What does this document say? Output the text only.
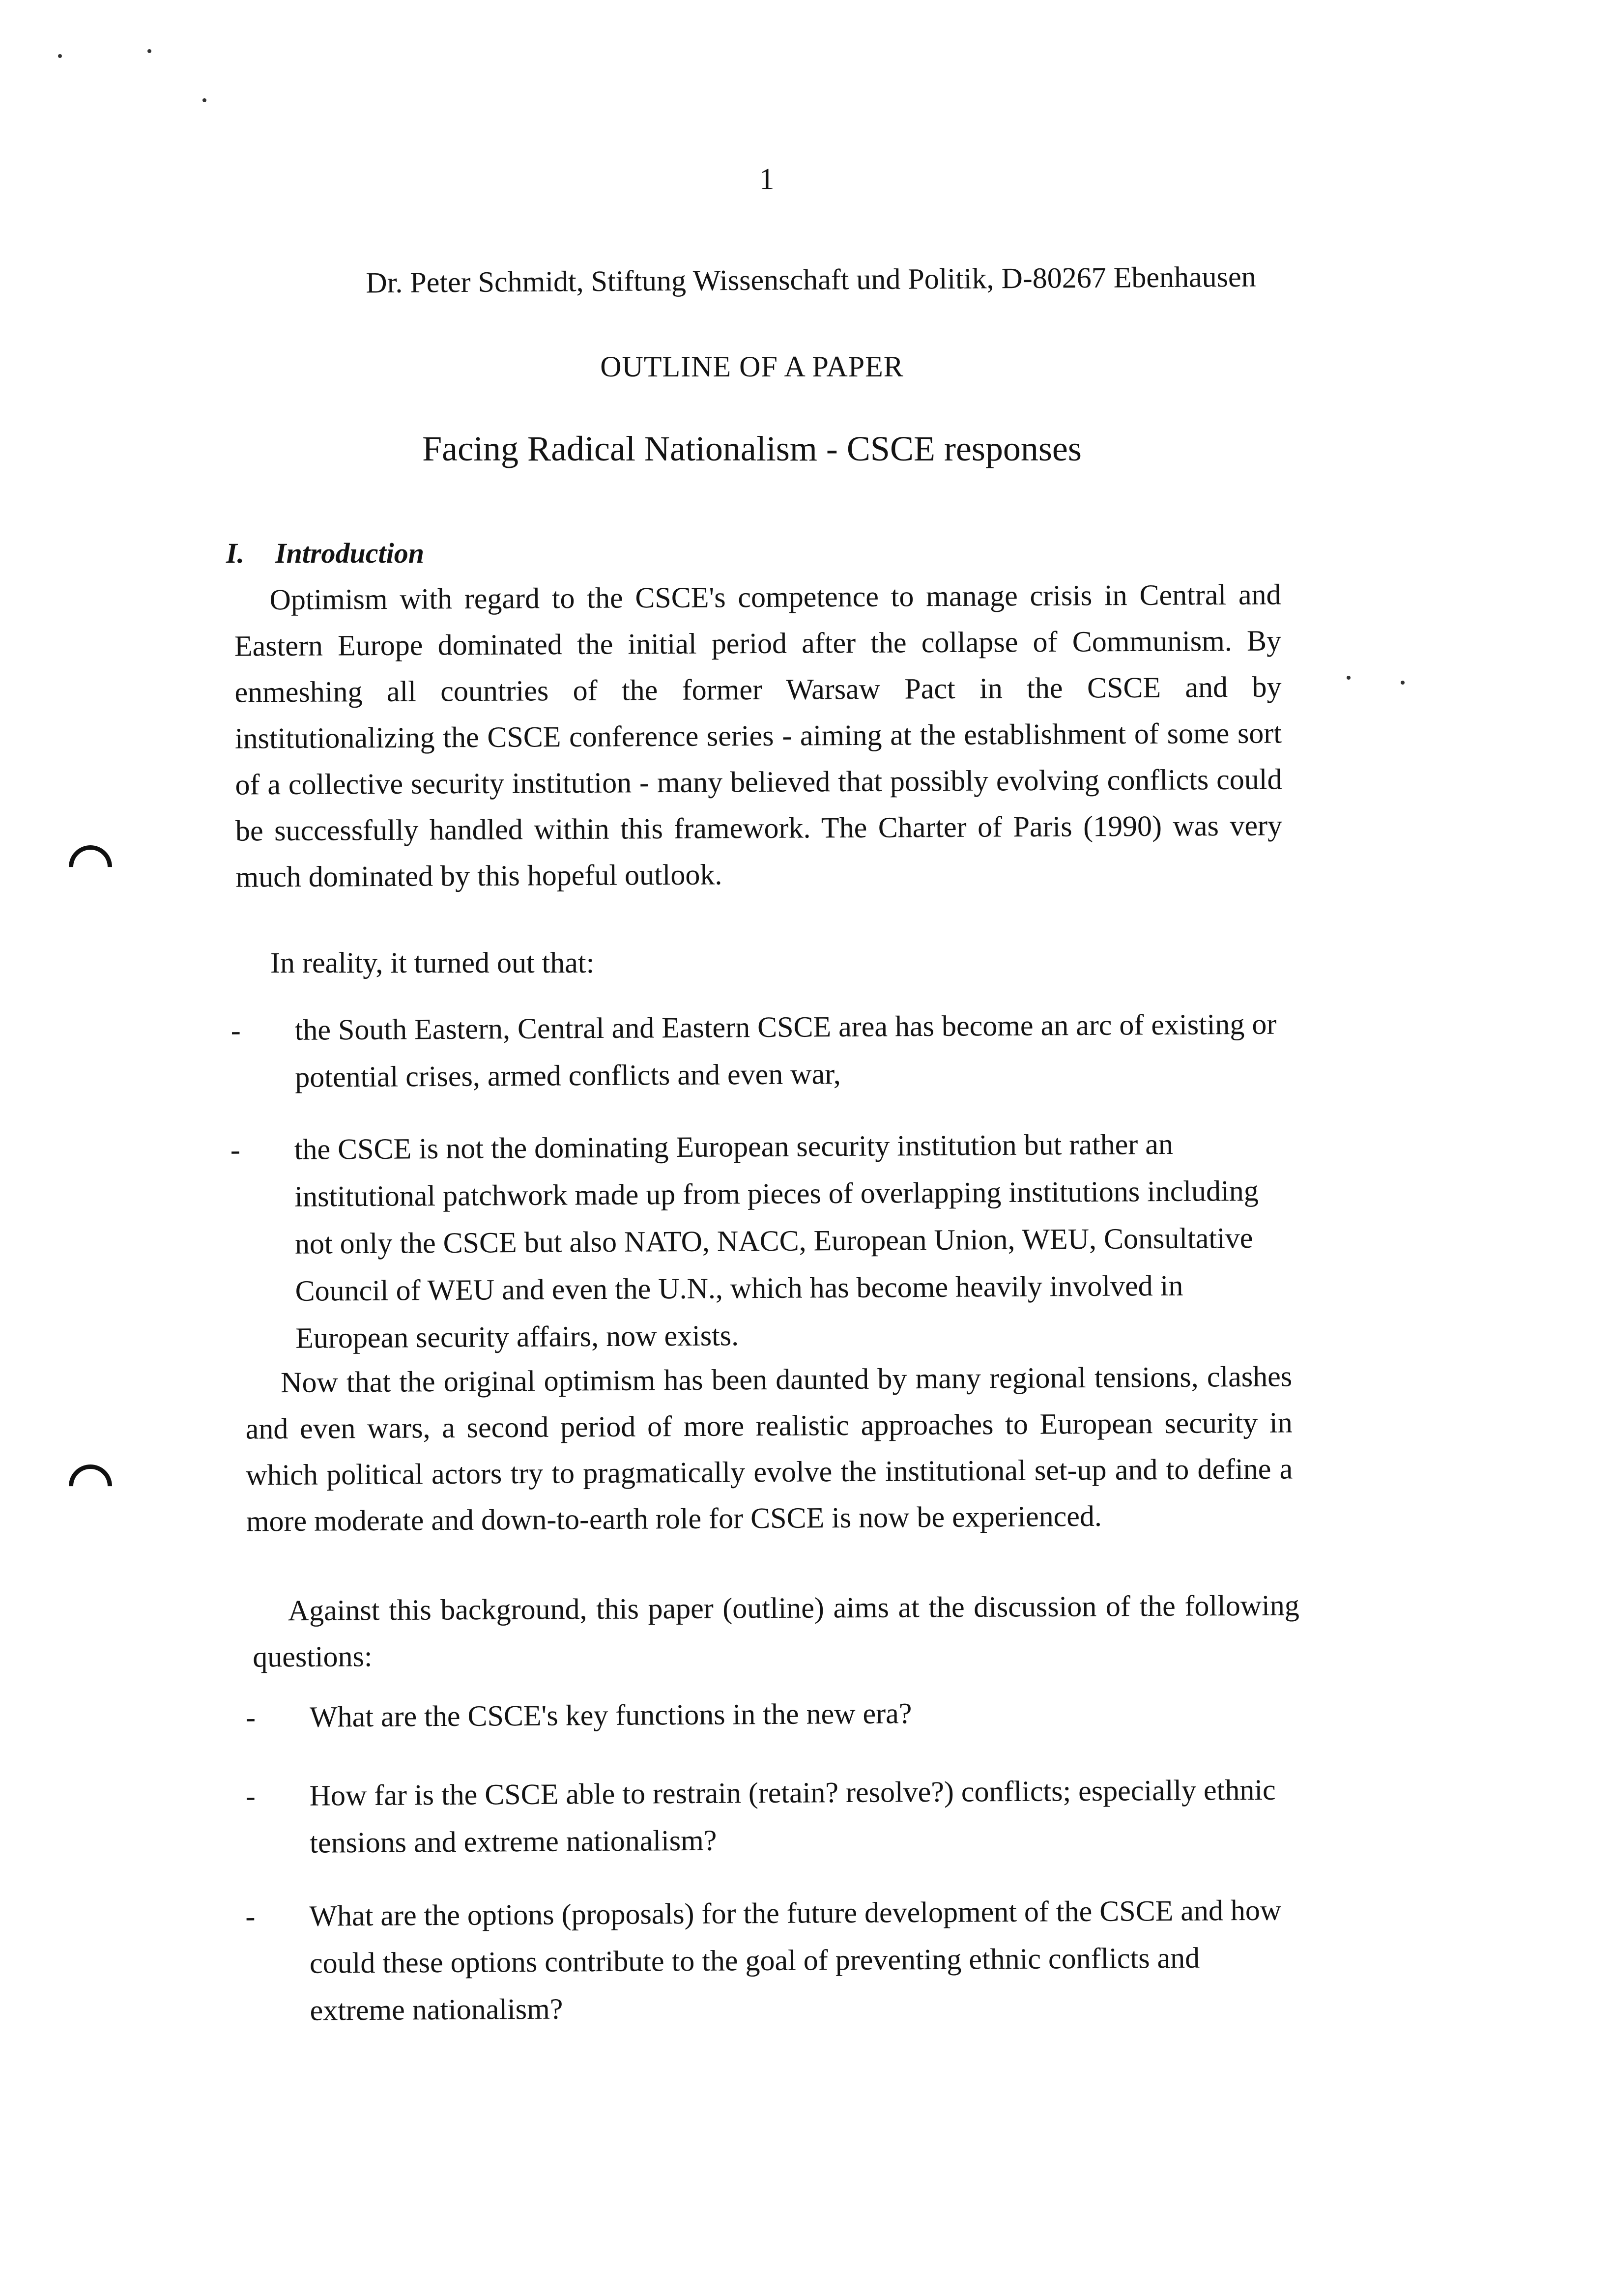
1
Dr. Peter Schmidt, Stiftung Wissenschaft und Politik, D-80267 Ebenhausen
OUTLINE OF A PAPER
Facing Radical Nationalism - CSCE responses
I. Introduction

Optimism with regard to the CSCE's competence to manage crisis in Central and Eastern Europe dominated the initial period after the collapse of Communism. By enmeshing all countries of the former Warsaw Pact in the CSCE and by institutionalizing the CSCE conference series - aiming at the establishment of some sort of a collective security institution - many believed that possibly evolving conflicts could be successfully handled within this framework. The Charter of Paris (1990) was very much dominated by this hopeful outlook.

In reality, it turned out that:

-	the South Eastern, Central and Eastern CSCE area has become an arc of existing or potential crises, armed conflicts and even war,
-	the CSCE is not the dominating European security institution but rather an institutional patchwork made up from pieces of overlapping institutions including not only the CSCE but also NATO, NACC, European Union, WEU, Consultative Council of WEU and even the U.N., which has become heavily involved in European security affairs, now exists.

Now that the original optimism has been daunted by many regional tensions, clashes and even wars, a second period of more realistic approaches to European security in which political actors try to pragmatically evolve the institutional set-up and to define a more moderate and down-to-earth role for CSCE is now be experienced.

Against this background, this paper (outline) aims at the discussion of the following questions:

-	What are the CSCE's key functions in the new era?
-	How far is the CSCE able to restrain (retain? resolve?) conflicts; especially ethnic tensions and extreme nationalism?
-	What are the options (proposals) for the future development of the CSCE and how could these options contribute to the goal of preventing ethnic conflicts and extreme nationalism?
